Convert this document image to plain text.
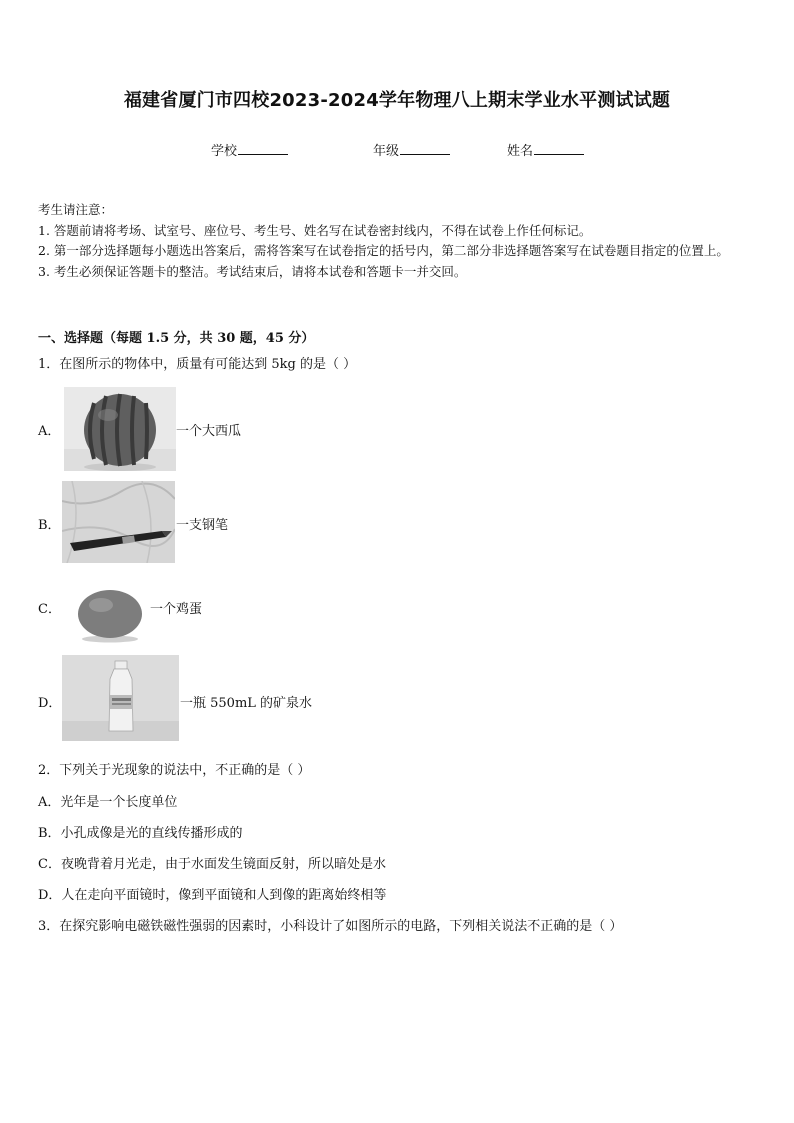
福建省厦门市四校2023-2024学年物理八上期末学业水平测试试题
学校	年级	姓名
考生请注意：
1. 答题前请将考场、试室号、座位号、考生号、姓名写在试卷密封线内，不得在试卷上作任何标记。
2. 第一部分选择题每小题选出答案后，需将答案写在试卷指定的括号内，第二部分非选择题答案写在试卷题目指定的位置上。
3. 考生必须保证答题卡的整洁。考试结束后，请将本试卷和答题卡一并交回。
一、选择题（每题 1.5 分，共 30 题，45 分）
1．在图所示的物体中，质量有可能达到 5kg 的是（ ）
A．	一个大西瓜
B．	一支钢笔
C．	一个鸡蛋
D．	一瓶 550mL 的矿泉水
2．下列关于光现象的说法中，不正确的是（ ）
A．光年是一个长度单位
B．小孔成像是光的直线传播形成的
C．夜晚背着月光走，由于水面发生镜面反射，所以暗处是水
D．人在走向平面镜时，像到平面镜和人到像的距离始终相等
3．在探究影响电磁铁磁性强弱的因素时，小科设计了如图所示的电路，下列相关说法不正确的是（ ）
